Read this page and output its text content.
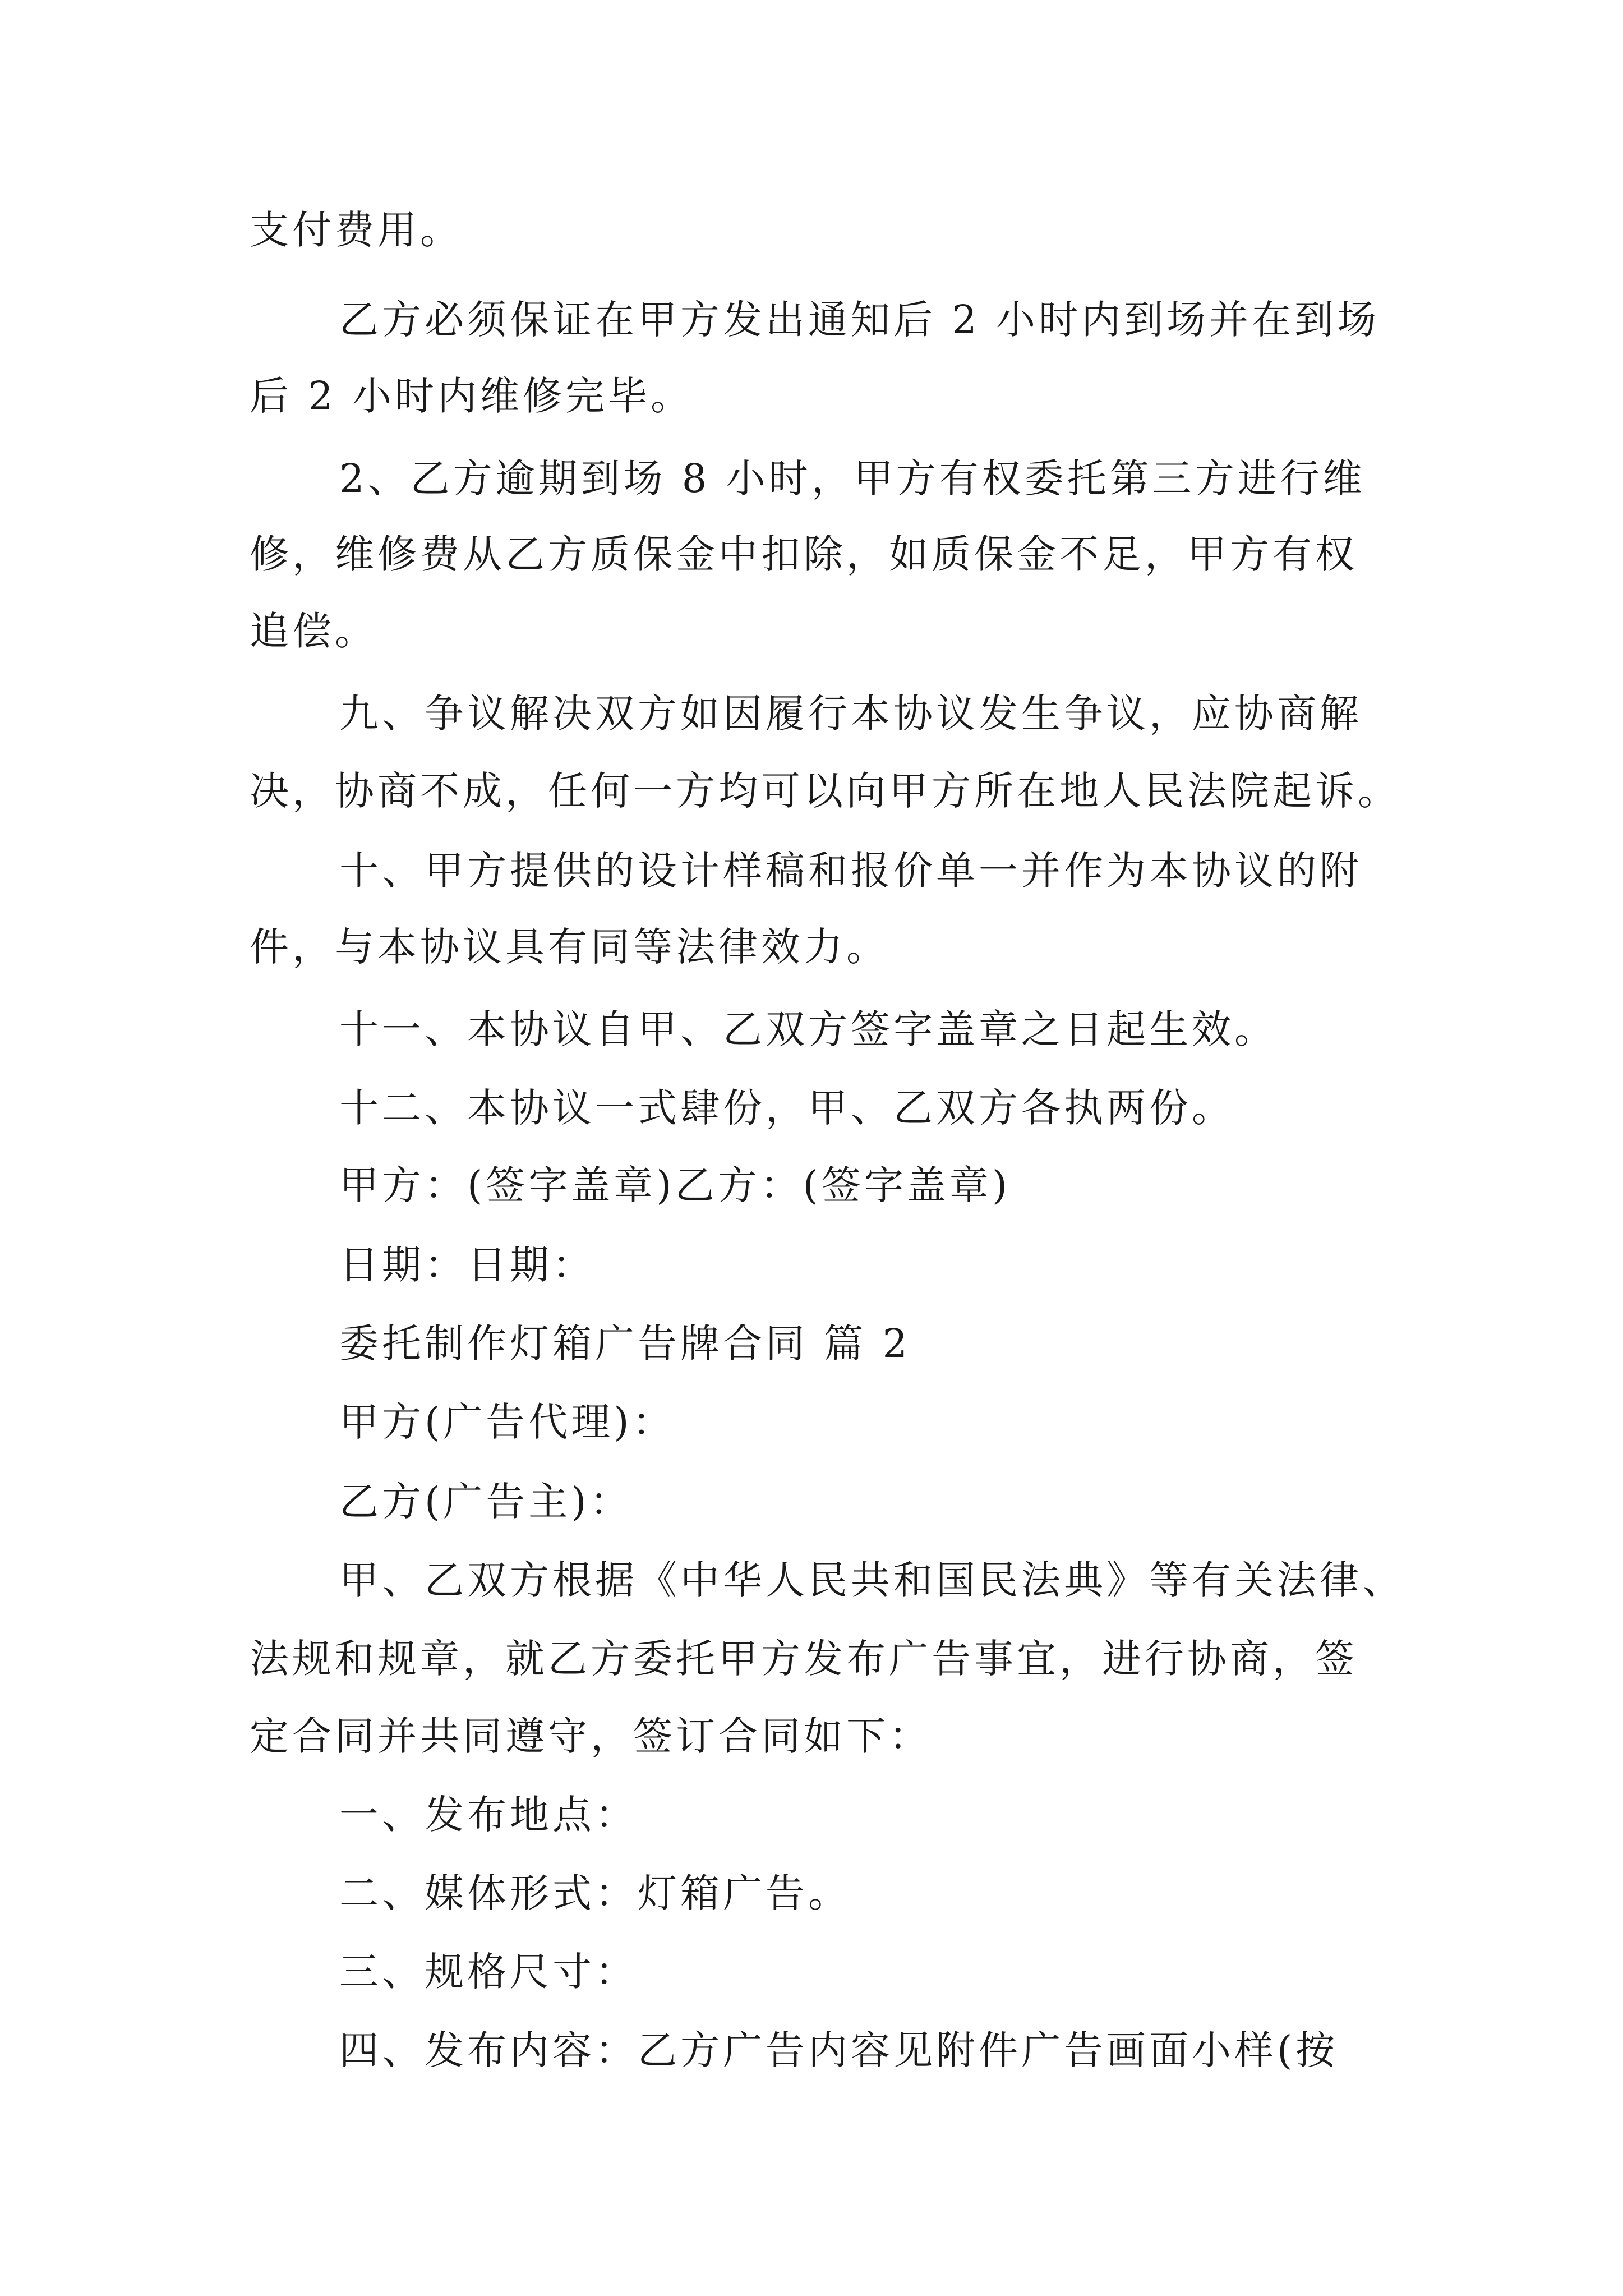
支付费用。
乙方必须保证在甲方发出通知后 2 小时内到场并在到场
后 2 小时内维修完毕。
2、乙方逾期到场 8 小时，甲方有权委托第三方进行维
修，维修费从乙方质保金中扣除，如质保金不足，甲方有权
追偿。
九、争议解决双方如因履行本协议发生争议，应协商解
决，协商不成，任何一方均可以向甲方所在地人民法院起诉。
十、甲方提供的设计样稿和报价单一并作为本协议的附
件，与本协议具有同等法律效力。
十一、本协议自甲、乙双方签字盖章之日起生效。
十二、本协议一式肆份，甲、乙双方各执两份。
甲方：(签字盖章)乙方：(签字盖章)
日期：日期：
委托制作灯箱广告牌合同 篇 2
甲方(广告代理)：
乙方(广告主)：
甲、乙双方根据《中华人民共和国民法典》等有关法律、
法规和规章，就乙方委托甲方发布广告事宜，进行协商，签
定合同并共同遵守，签订合同如下：
一、发布地点：
二、媒体形式：灯箱广告。
三、规格尺寸：
四、发布内容：乙方广告内容见附件广告画面小样(按
